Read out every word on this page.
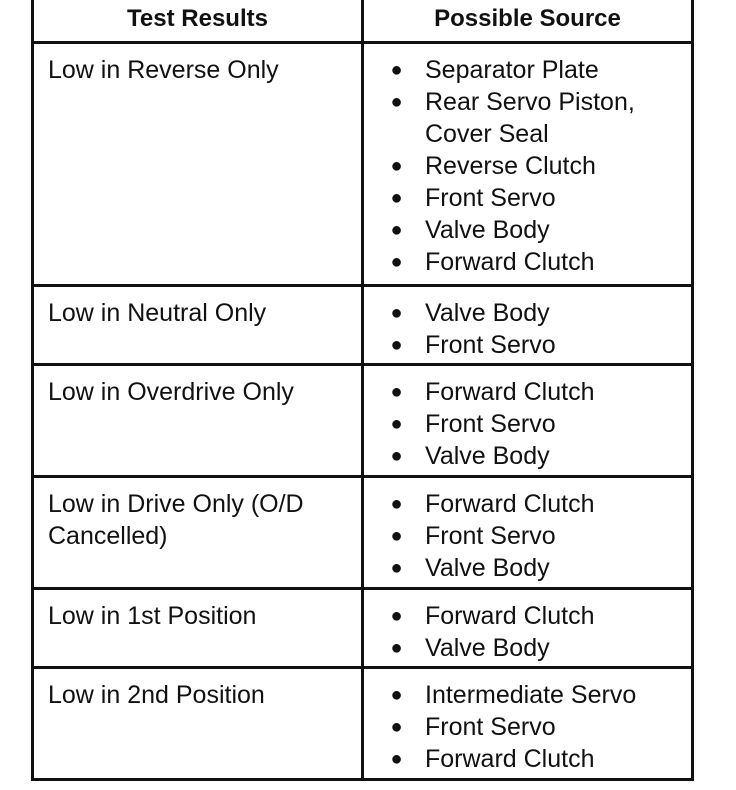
Test Results	Possible Source
Low in Reverse Only	● Separator Plate
● Rear Servo Piston, Cover Seal
● Reverse Clutch
● Front Servo
● Valve Body
● Forward Clutch
Low in Neutral Only	● Valve Body
● Front Servo
Low in Overdrive Only	● Forward Clutch
● Front Servo
● Valve Body
Low in Drive Only (O/D Cancelled)
● Forward Clutch
● Front Servo
● Valve Body
Low in 1st Position	● Forward Clutch
● Valve Body
Low in 2nd Position	● Intermediate Servo
● Front Servo
● Forward Clutch
